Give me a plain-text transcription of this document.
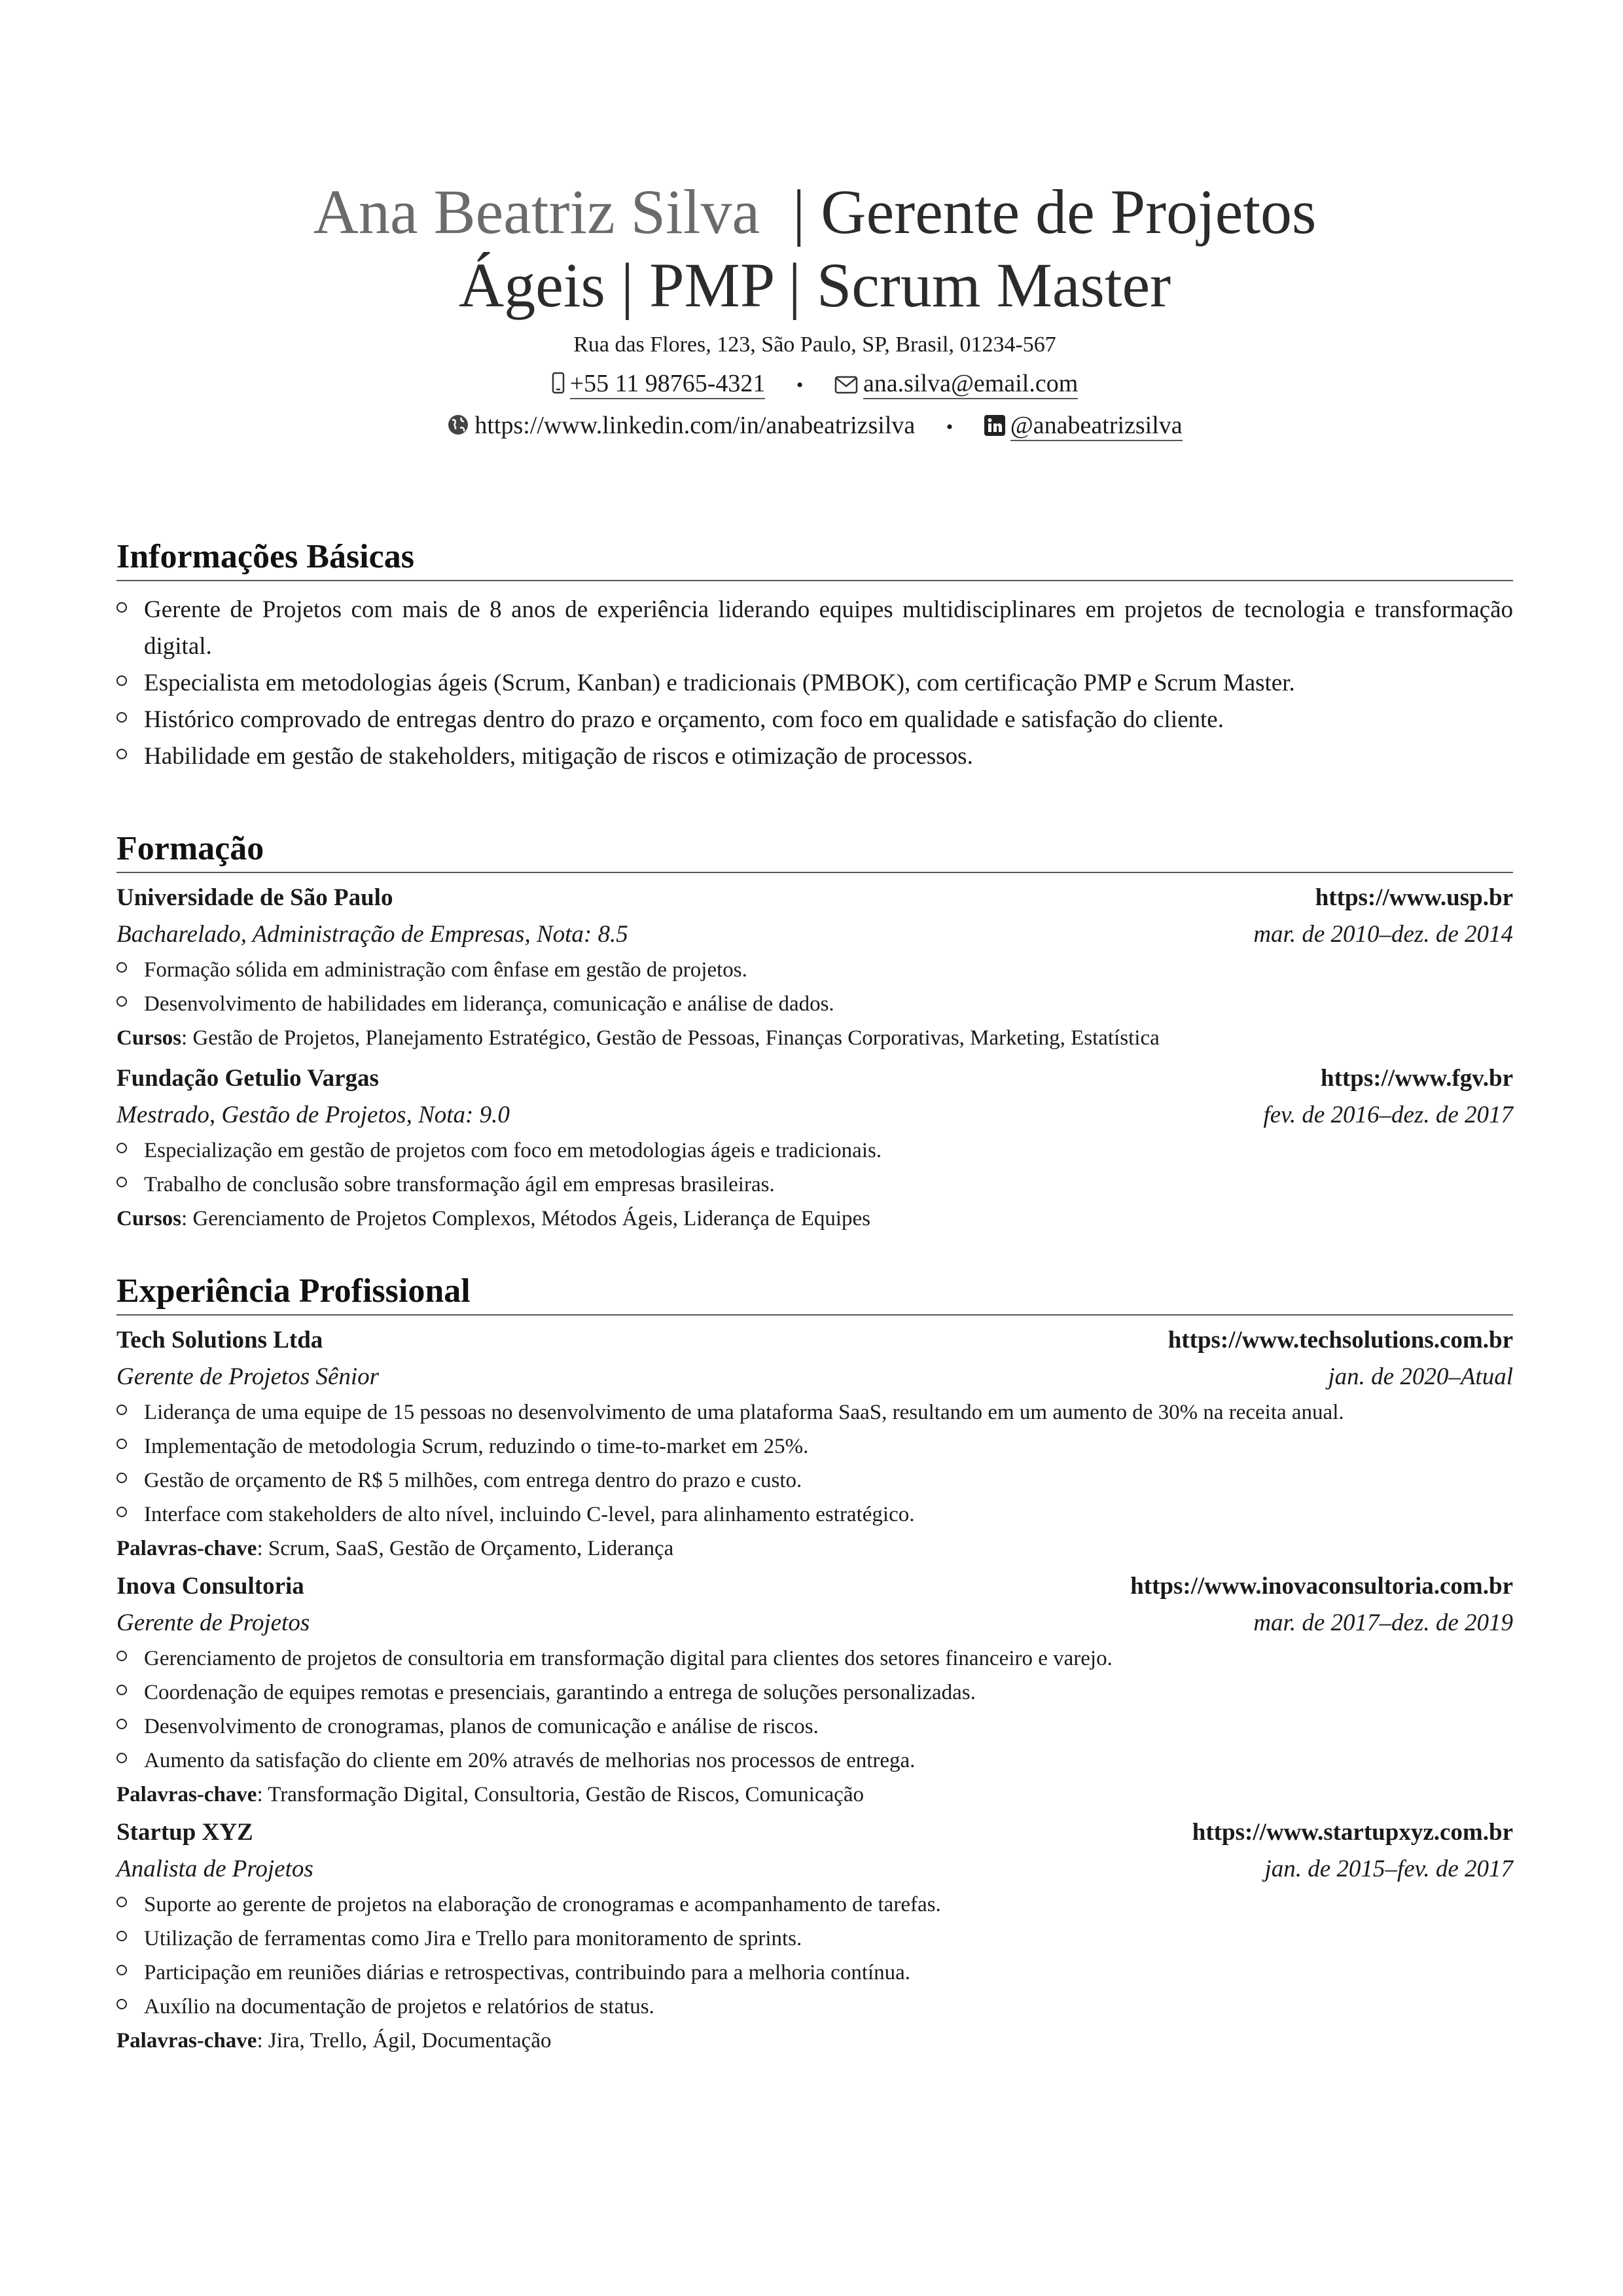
Ana Beatriz Silva | Gerente de Projetos
Ágeis | PMP | Scrum Master
Rua das Flores, 123, São Paulo, SP, Brasil, 01234-567
+55 11 98765-4321 • ana.silva@email.com
https://www.linkedin.com/in/anabeatrizsilva • @anabeatrizsilva
Informações Básicas
Gerente de Projetos com mais de 8 anos de experiência liderando equipes multidisciplinares em projetos de tecnologia e transformação digital.
Especialista em metodologias ágeis (Scrum, Kanban) e tradicionais (PMBOK), com certificação PMP e Scrum Master.
Histórico comprovado de entregas dentro do prazo e orçamento, com foco em qualidade e satisfação do cliente.
Habilidade em gestão de stakeholders, mitigação de riscos e otimização de processos.
Formação
Universidade de São Paulo	https://www.usp.br
Bacharelado, Administração de Empresas, Nota: 8.5	mar. de 2010–dez. de 2014
Formação sólida em administração com ênfase em gestão de projetos.
Desenvolvimento de habilidades em liderança, comunicação e análise de dados.
Cursos: Gestão de Projetos, Planejamento Estratégico, Gestão de Pessoas, Finanças Corporativas, Marketing, Estatística
Fundação Getulio Vargas	https://www.fgv.br
Mestrado, Gestão de Projetos, Nota: 9.0	fev. de 2016–dez. de 2017
Especialização em gestão de projetos com foco em metodologias ágeis e tradicionais.
Trabalho de conclusão sobre transformação ágil em empresas brasileiras.
Cursos: Gerenciamento de Projetos Complexos, Métodos Ágeis, Liderança de Equipes
Experiência Profissional
Tech Solutions Ltda	https://www.techsolutions.com.br
Gerente de Projetos Sênior	jan. de 2020–Atual
Liderança de uma equipe de 15 pessoas no desenvolvimento de uma plataforma SaaS, resultando em um aumento de 30% na receita anual.
Implementação de metodologia Scrum, reduzindo o time-to-market em 25%.
Gestão de orçamento de R$ 5 milhões, com entrega dentro do prazo e custo.
Interface com stakeholders de alto nível, incluindo C-level, para alinhamento estratégico.
Palavras-chave: Scrum, SaaS, Gestão de Orçamento, Liderança
Inova Consultoria	https://www.inovaconsultoria.com.br
Gerente de Projetos	mar. de 2017–dez. de 2019
Gerenciamento de projetos de consultoria em transformação digital para clientes dos setores financeiro e varejo.
Coordenação de equipes remotas e presenciais, garantindo a entrega de soluções personalizadas.
Desenvolvimento de cronogramas, planos de comunicação e análise de riscos.
Aumento da satisfação do cliente em 20% através de melhorias nos processos de entrega.
Palavras-chave: Transformação Digital, Consultoria, Gestão de Riscos, Comunicação
Startup XYZ	https://www.startupxyz.com.br
Analista de Projetos	jan. de 2015–fev. de 2017
Suporte ao gerente de projetos na elaboração de cronogramas e acompanhamento de tarefas.
Utilização de ferramentas como Jira e Trello para monitoramento de sprints.
Participação em reuniões diárias e retrospectivas, contribuindo para a melhoria contínua.
Auxílio na documentação de projetos e relatórios de status.
Palavras-chave: Jira, Trello, Ágil, Documentação
